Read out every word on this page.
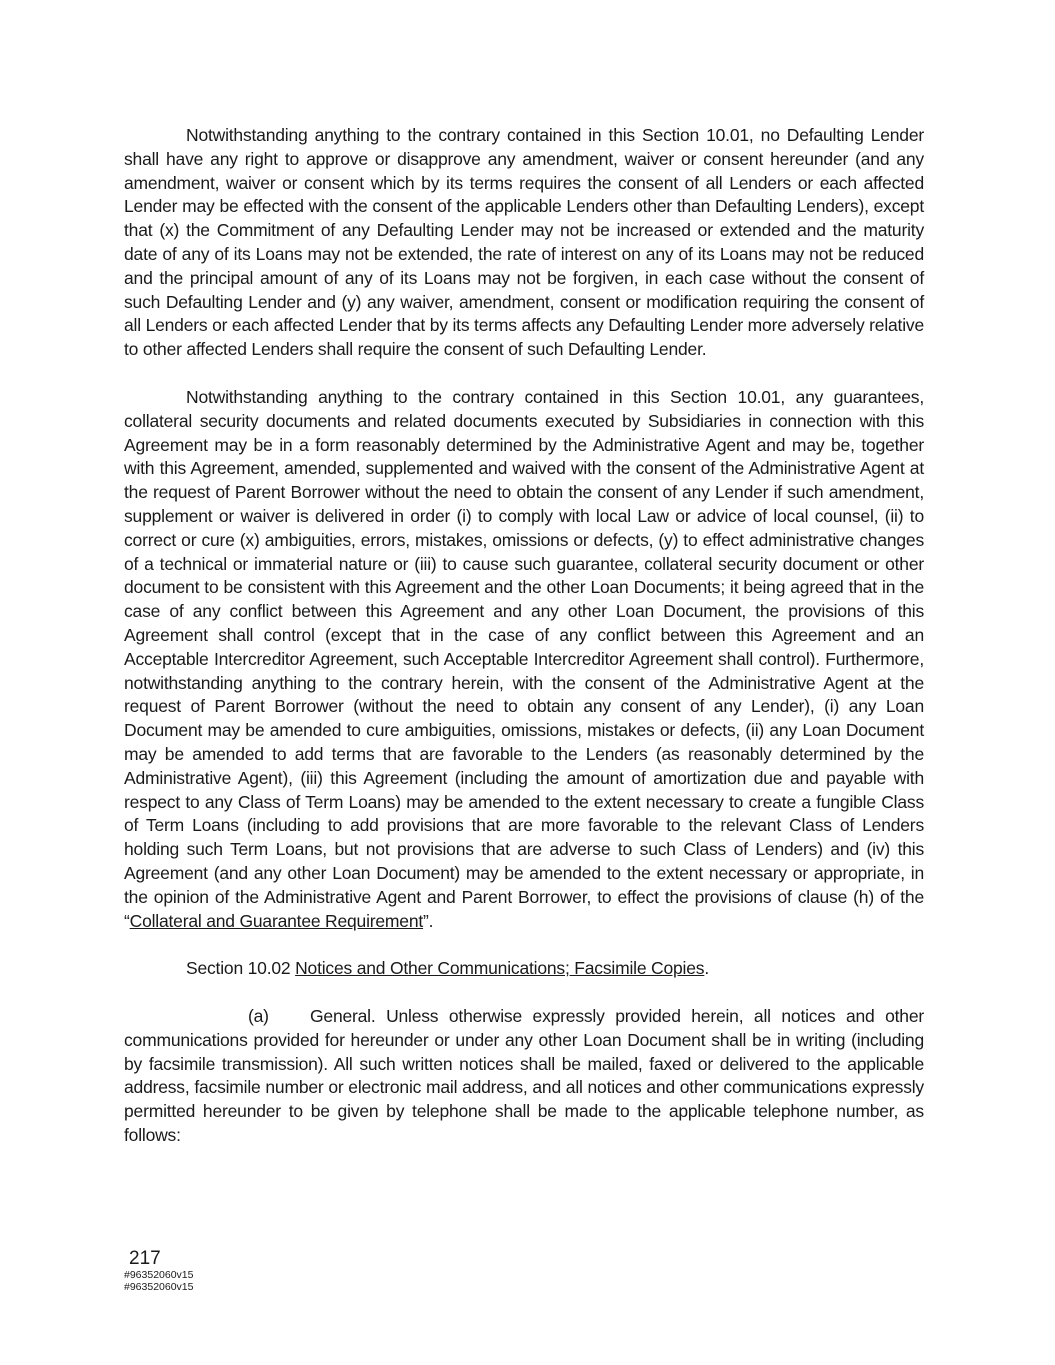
Notwithstanding anything to the contrary contained in this Section 10.01, no Defaulting Lender shall have any right to approve or disapprove any amendment, waiver or consent hereunder (and any amendment, waiver or consent which by its terms requires the consent of all Lenders or each affected Lender may be effected with the consent of the applicable Lenders other than Defaulting Lenders), except that (x) the Commitment of any Defaulting Lender may not be increased or extended and the maturity date of any of its Loans may not be extended, the rate of interest on any of its Loans may not be reduced and the principal amount of any of its Loans may not be forgiven, in each case without the consent of such Defaulting Lender and (y) any waiver, amendment, consent or modification requiring the consent of all Lenders or each affected Lender that by its terms affects any Defaulting Lender more adversely relative to other affected Lenders shall require the consent of such Defaulting Lender.

Notwithstanding anything to the contrary contained in this Section 10.01, any guarantees, collateral security documents and related documents executed by Subsidiaries in connection with this Agreement may be in a form reasonably determined by the Administrative Agent and may be, together with this Agreement, amended, supplemented and waived with the consent of the Administrative Agent at the request of Parent Borrower without the need to obtain the consent of any Lender if such amendment, supplement or waiver is delivered in order (i) to comply with local Law or advice of local counsel, (ii) to correct or cure (x) ambiguities, errors, mistakes, omissions or defects, (y) to effect administrative changes of a technical or immaterial nature or (iii) to cause such guarantee, collateral security document or other document to be consistent with this Agreement and the other Loan Documents; it being agreed that in the case of any conflict between this Agreement and any other Loan Document, the provisions of this Agreement shall control (except that in the case of any conflict between this Agreement and an Acceptable Intercreditor Agreement, such Acceptable Intercreditor Agreement shall control). Furthermore, notwithstanding anything to the contrary herein, with the consent of the Administrative Agent at the request of Parent Borrower (without the need to obtain any consent of any Lender), (i) any Loan Document may be amended to cure ambiguities, omissions, mistakes or defects, (ii) any Loan Document may be amended to add terms that are favorable to the Lenders (as reasonably determined by the Administrative Agent), (iii) this Agreement (including the amount of amortization due and payable with respect to any Class of Term Loans) may be amended to the extent necessary to create a fungible Class of Term Loans (including to add provisions that are more favorable to the relevant Class of Lenders holding such Term Loans, but not provisions that are adverse to such Class of Lenders) and (iv) this Agreement (and any other Loan Document) may be amended to the extent necessary or appropriate, in the opinion of the Administrative Agent and Parent Borrower, to effect the provisions of clause (h) of the “Collateral and Guarantee Requirement”.

Section 10.02 Notices and Other Communications; Facsimile Copies.

(a) General. Unless otherwise expressly provided herein, all notices and other communications provided for hereunder or under any other Loan Document shall be in writing (including by facsimile transmission). All such written notices shall be mailed, faxed or delivered to the applicable address, facsimile number or electronic mail address, and all notices and other communications expressly permitted hereunder to be given by telephone shall be made to the applicable telephone number, as follows:

217
#96352060v15
#96352060v15
